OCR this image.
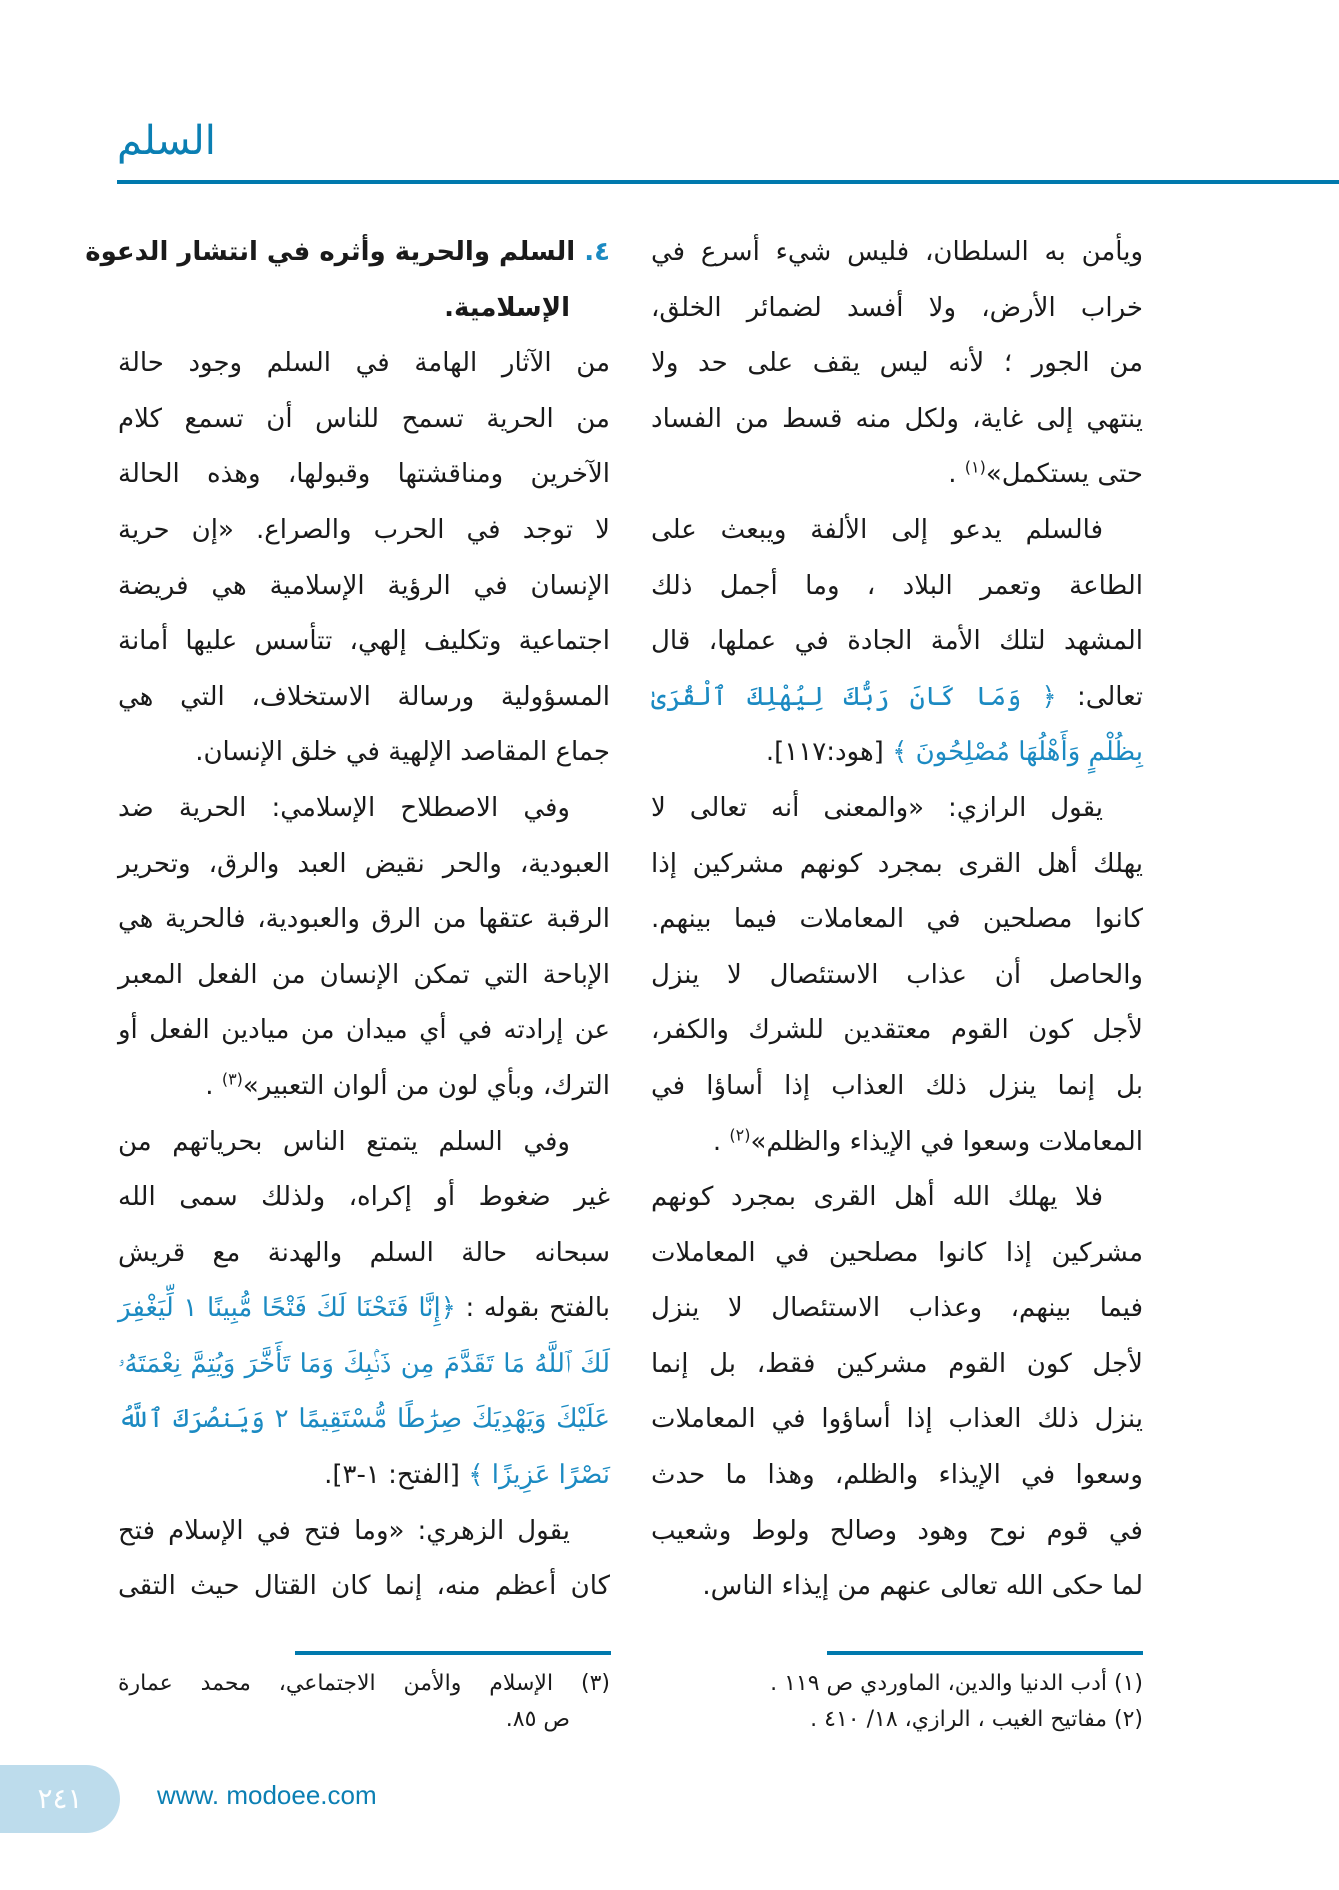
السلم
ويأمن به السلطان، فليس شيء أسرع في
خراب الأرض، ولا أفسد لضمائر الخلق،
من الجور ؛ لأنه ليس يقف على حد ولا
ينتهي إلى غاية، ولكل منه قسط من الفساد
حتى يستكمل»$^{(١)}$ .
فالسلم يدعو إلى الألفة ويبعث على
الطاعة وتعمر البلاد ، وما أجمل ذلك
المشهد لتلك الأمة الجادة في عملها، قال
تعالى: ﴿ وَمَا كَانَ رَبُّكَ لِيُهْلِكَ ٱلْقُرَىٰ
بِظُلْمٍ وَأَهْلُهَا مُصْلِحُونَ ﴾ [هود:١١٧].
يقول الرازي: «والمعنى أنه تعالى لا
يهلك أهل القرى بمجرد كونهم مشركين إذا
كانوا مصلحين في المعاملات فيما بينهم.
والحاصل أن عذاب الاستئصال لا ينزل
لأجل كون القوم معتقدين للشرك والكفر،
بل إنما ينزل ذلك العذاب إذا أساؤا في
المعاملات وسعوا في الإيذاء والظلم»$^{(٢)}$ .
فلا يهلك الله أهل القرى بمجرد كونهم
مشركين إذا كانوا مصلحين في المعاملات
فيما بينهم، وعذاب الاستئصال لا ينزل
لأجل كون القوم مشركين فقط، بل إنما
ينزل ذلك العذاب إذا أساؤوا في المعاملات
وسعوا في الإيذاء والظلم، وهذا ما حدث
في قوم نوح وهود وصالح ولوط وشعيب
لما حكى الله تعالى عنهم من إيذاء الناس.
٤. السلم والحرية وأثره في انتشار الدعوة
الإسلامية.
من الآثار الهامة في السلم وجود حالة
من الحرية تسمح للناس أن تسمع كلام
الآخرين ومناقشتها وقبولها، وهذه الحالة
لا توجد في الحرب والصراع. «إن حرية
الإنسان في الرؤية الإسلامية هي فريضة
اجتماعية وتكليف إلهي، تتأسس عليها أمانة
المسؤولية ورسالة الاستخلاف، التي هي
جماع المقاصد الإلهية في خلق الإنسان.
وفي الاصطلاح الإسلامي: الحرية ضد
العبودية، والحر نقيض العبد والرق، وتحرير
الرقبة عتقها من الرق والعبودية، فالحرية هي
الإباحة التي تمكن الإنسان من الفعل المعبر
عن إرادته في أي ميدان من ميادين الفعل أو
الترك، وبأي لون من ألوان التعبير»$^{(٣)}$ .
وفي السلم يتمتع الناس بحرياتهم من
غير ضغوط أو إكراه، ولذلك سمى الله
سبحانه حالة السلم والهدنة مع قريش
بالفتح بقوله : ﴿إِنَّا فَتَحْنَا لَكَ فَتْحًا مُّبِينًا ١ لِّيَغْفِرَ
لَكَ ٱللَّهُ مَا تَقَدَّمَ مِن ذَنۢبِكَ وَمَا تَأَخَّرَ وَيُتِمَّ نِعْمَتَهُۥ
عَلَيْكَ وَيَهْدِيَكَ صِرَٰطًا مُّسْتَقِيمًا ٢ وَيَنصُرَكَ ٱللَّهُ
نَصْرًا عَزِيزًا ﴾ [الفتح: ١-٣].
يقول الزهري: «وما فتح في الإسلام فتح
كان أعظم منه، إنما كان القتال حيث التقى
(١) أدب الدنيا والدين، الماوردي ص ١١٩ .
(٢) مفاتيح الغيب ، الرازي، ١٨/ ٤١٠ .
(٣) الإسلام والأمن الاجتماعي، محمد عمارة
ص ٨٥.
٢٤١	www. modoee.com
